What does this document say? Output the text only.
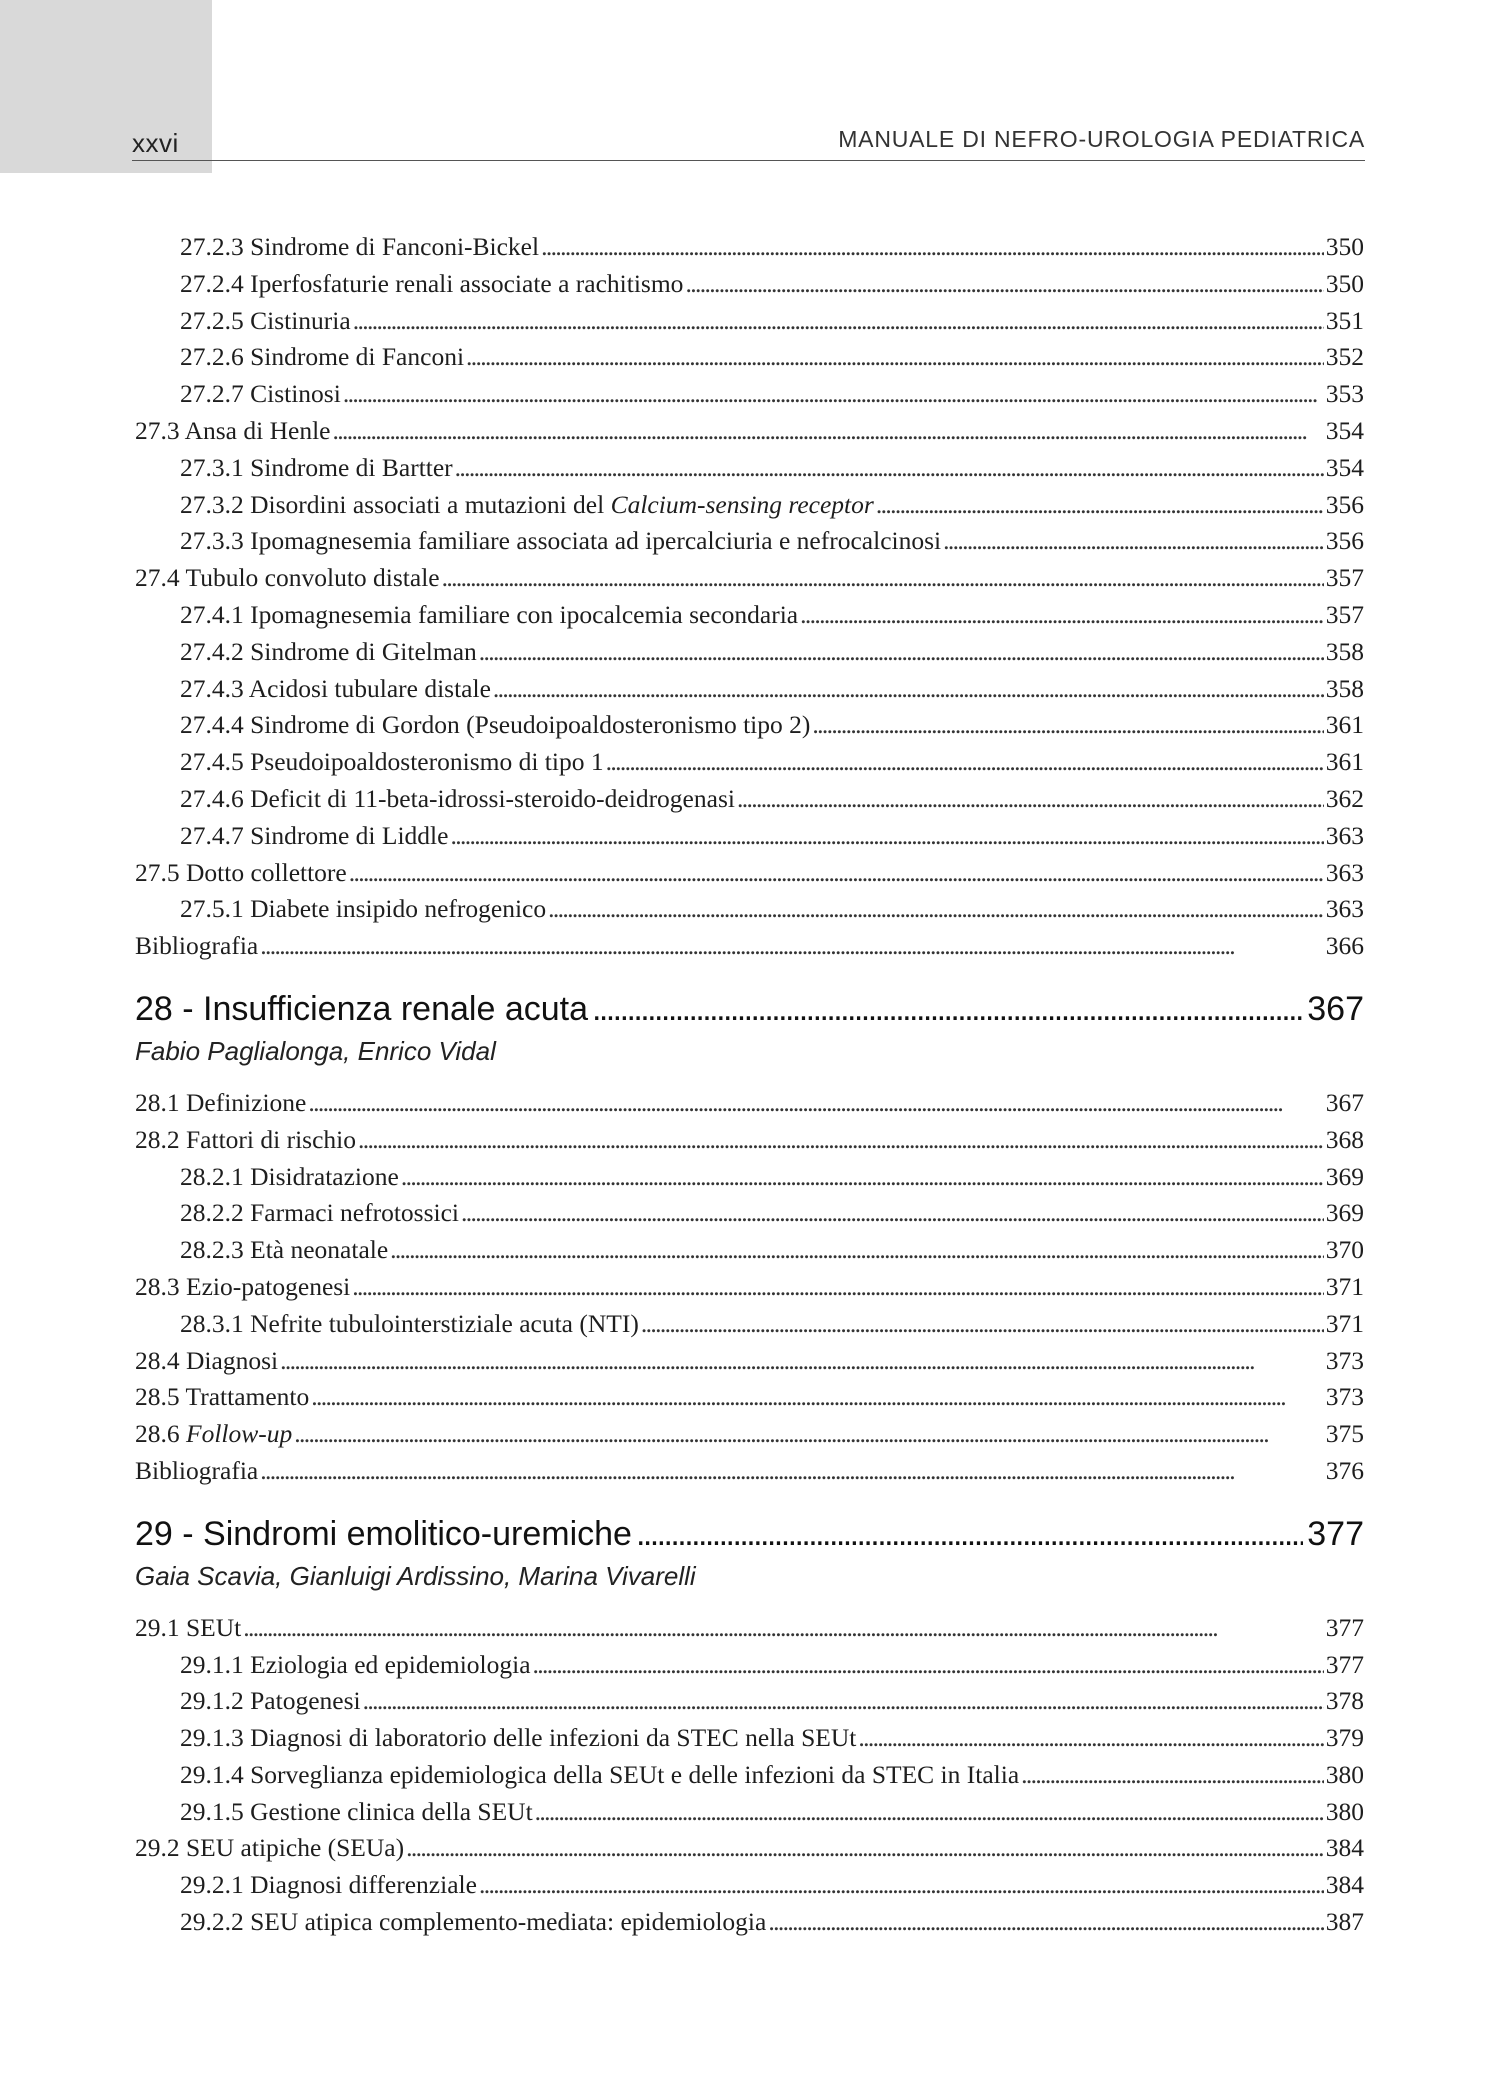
xxvi	MANUALE DI NEFRO-UROLOGIA PEDIATRICA
27.2.3 Sindrome di Fanconi-Bickel . . .	350
27.2.4 Iperfosfaturie renali associate a rachitismo . . .	350
27.2.5 Cistinuria . . .	351
27.2.6 Sindrome di Fanconi . . .	352
27.2.7 Cistinosi . . .	353
27.3 Ansa di Henle . . .	354
27.3.1 Sindrome di Bartter . . .	354
27.3.2 Disordini associati a mutazioni del Calcium-sensing receptor . . .	356
27.3.3 Ipomagnesemia familiare associata ad ipercalciuria e nefrocalcinosi . . .	356
27.4 Tubulo convoluto distale . . .	357
27.4.1 Ipomagnesemia familiare con ipocalcemia secondaria . . .	357
27.4.2 Sindrome di Gitelman . . .	358
27.4.3 Acidosi tubulare distale . . .	358
27.4.4 Sindrome di Gordon (Pseudoipoaldosteronismo tipo 2) . . .	361
27.4.5 Pseudoipoaldosteronismo di tipo 1 . . .	361
27.4.6 Deficit di 11-beta-idrossi-steroido-deidrogenasi . . .	362
27.4.7 Sindrome di Liddle . . .	363
27.5 Dotto collettore . . .	363
27.5.1 Diabete insipido nefrogenico . . .	363
Bibliografia . . .	366
28 - Insufficienza renale acuta . . .	367
Fabio Paglialonga, Enrico Vidal
28.1 Definizione . . .	367
28.2 Fattori di rischio . . .	368
28.2.1 Disidratazione . . .	369
28.2.2 Farmaci nefrotossici . . .	369
28.2.3 Età neonatale . . .	370
28.3 Ezio-patogenesi . . .	371
28.3.1 Nefrite tubulointerstiziale acuta (NTI) . . .	371
28.4 Diagnosi . . .	373
28.5 Trattamento . . .	373
28.6 Follow-up . . .	375
Bibliografia . . .	376
29 - Sindromi emolitico-uremiche . . .	377
Gaia Scavia, Gianluigi Ardissino, Marina Vivarelli
29.1 SEUt . . .	377
29.1.1 Eziologia ed epidemiologia . . .	377
29.1.2 Patogenesi . . .	378
29.1.3 Diagnosi di laboratorio delle infezioni da STEC nella SEUt . . .	379
29.1.4 Sorveglianza epidemiologica della SEUt e delle infezioni da STEC in Italia . . .	380
29.1.5 Gestione clinica della SEUt . . .	380
29.2 SEU atipiche (SEUa) . . .	384
29.2.1 Diagnosi differenziale . . .	384
29.2.2 SEU atipica complemento-mediata: epidemiologia . . .	387
